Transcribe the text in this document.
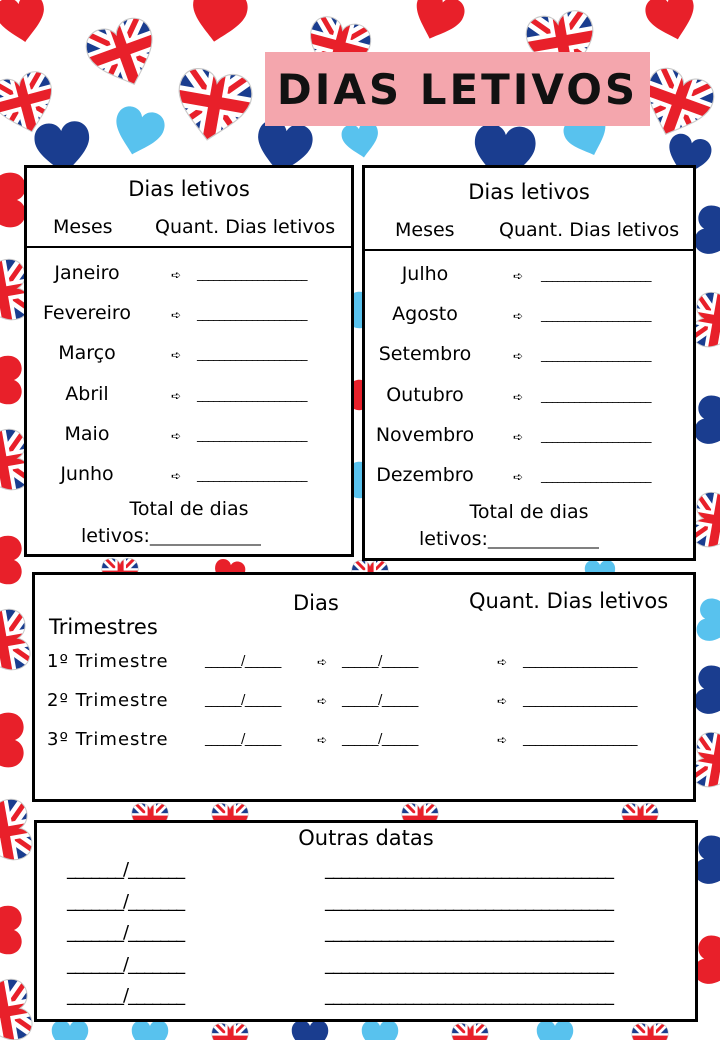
DIAS LETIVOS
Dias letivos
Meses Quant. Dias letivos
Janeiro	➪ ____________________
Fevereiro	➪ ____________________
Março	➪ ____________________
Abril	➪ ____________________
Maio	➪ ____________________
Junho	➪ ____________________
Total de dias
letivos:_________________
Dias letivos
Meses Quant. Dias letivos
Julho	➪ ____________________
Agosto	➪ ____________________
Setembro	➪ ____________________
Outubro	➪ ____________________
Novembro	➪ ____________________
Dezembro	➪ ____________________
Total de dias
letivos:_________________
Dias	Quant. Dias letivos
Trimestres
1º Trimestre	______/______	➪ ______/______	➪ ___________________
2º Trimestre	______/______	➪ ______/______	➪ ___________________
3º Trimestre	______/______	➪ ______/______	➪ ___________________
Outras datas
_______/_______	____________________________________
_______/_______	____________________________________
_______/_______	____________________________________
_______/_______	____________________________________
_______/_______	____________________________________
